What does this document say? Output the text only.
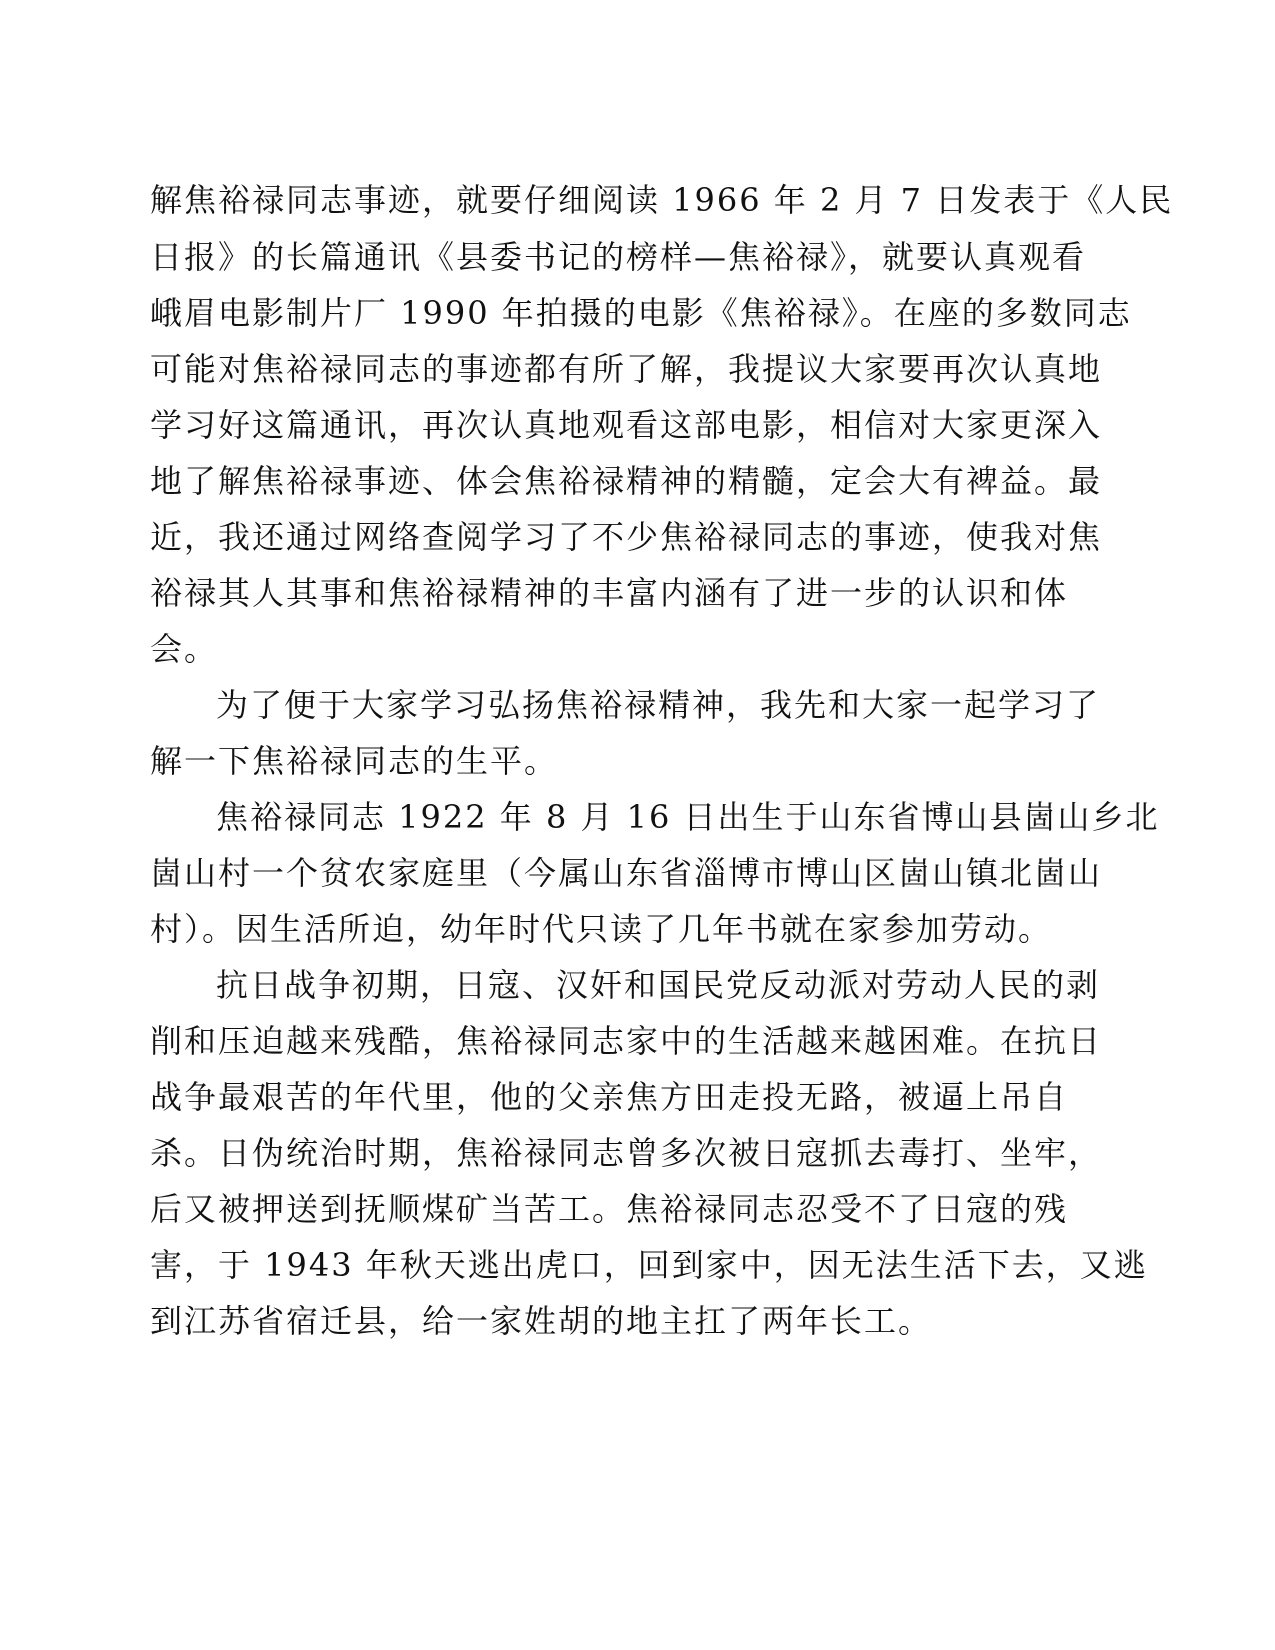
解焦裕禄同志事迹，就要仔细阅读 1966 年 2 月 7 日发表于《人民
日报》的长篇通讯《县委书记的榜样—焦裕禄》，就要认真观看
峨眉电影制片厂 1990 年拍摄的电影《焦裕禄》。在座的多数同志
可能对焦裕禄同志的事迹都有所了解，我提议大家要再次认真地
学习好这篇通讯，再次认真地观看这部电影，相信对大家更深入
地了解焦裕禄事迹、体会焦裕禄精神的精髓，定会大有裨益。最
近，我还通过网络查阅学习了不少焦裕禄同志的事迹，使我对焦
裕禄其人其事和焦裕禄精神的丰富内涵有了进一步的认识和体
会。
为了便于大家学习弘扬焦裕禄精神，我先和大家一起学习了
解一下焦裕禄同志的生平。
焦裕禄同志 1922 年 8 月 16 日出生于山东省博山县崮山乡北
崮山村一个贫农家庭里（今属山东省淄博市博山区崮山镇北崮山
村）。因生活所迫，幼年时代只读了几年书就在家参加劳动。
抗日战争初期，日寇、汉奸和国民党反动派对劳动人民的剥
削和压迫越来残酷，焦裕禄同志家中的生活越来越困难。在抗日
战争最艰苦的年代里，他的父亲焦方田走投无路，被逼上吊自
杀。日伪统治时期，焦裕禄同志曾多次被日寇抓去毒打、坐牢，
后又被押送到抚顺煤矿当苦工。焦裕禄同志忍受不了日寇的残
害，于 1943 年秋天逃出虎口，回到家中，因无法生活下去，又逃
到江苏省宿迁县，给一家姓胡的地主扛了两年长工。
